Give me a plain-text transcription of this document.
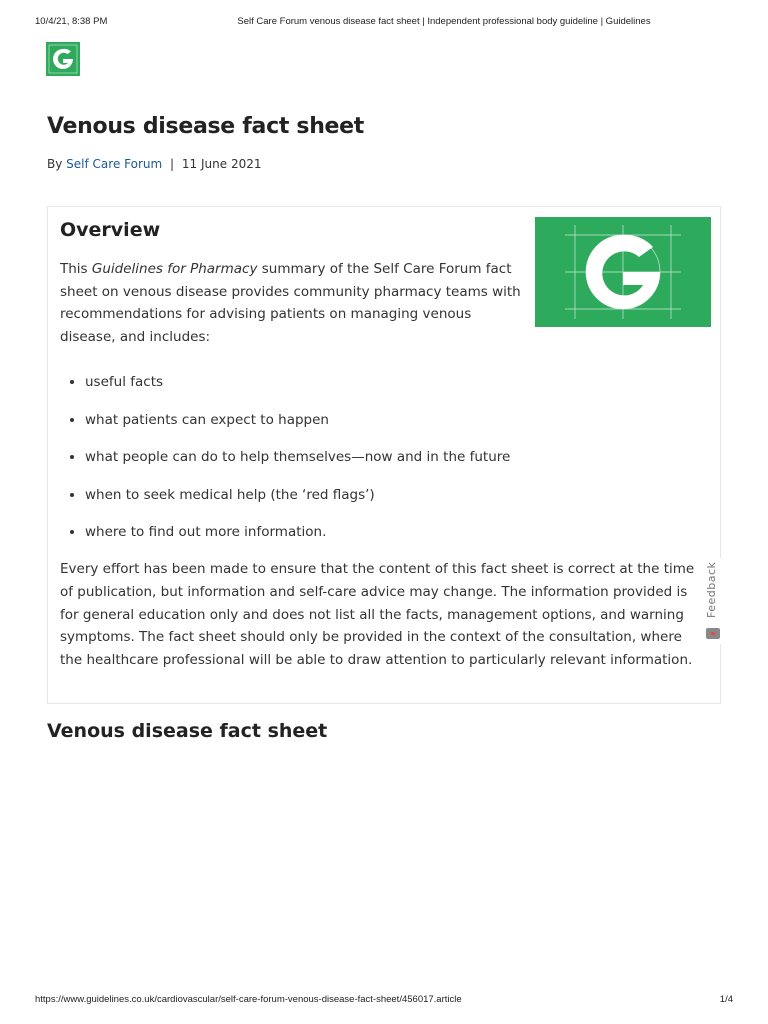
10/4/21, 8:38 PM	Self Care Forum venous disease fact sheet | Independent professional body guideline | Guidelines
Venous disease fact sheet
By Self Care Forum | 11 June 2021
Overview

This Guidelines for Pharmacy summary of the Self Care Forum fact sheet on venous disease provides community pharmacy teams with recommendations for advising patients on managing venous disease, and includes:

• useful facts
• what patients can expect to happen
• what people can do to help themselves—now and in the future
• when to seek medical help (the ‘red flags’)
• where to find out more information.

Every effort has been made to ensure that the content of this fact sheet is correct at the time of publication, but information and self-care advice may change. The information provided is for general education only and does not list all the facts, management options, and warning symptoms. The fact sheet should only be provided in the context of the consultation, where the healthcare professional will be able to draw attention to particularly relevant information.

Feedback
Venous disease fact sheet
https://www.guidelines.co.uk/cardiovascular/self-care-forum-venous-disease-fact-sheet/456017.article	1/4
